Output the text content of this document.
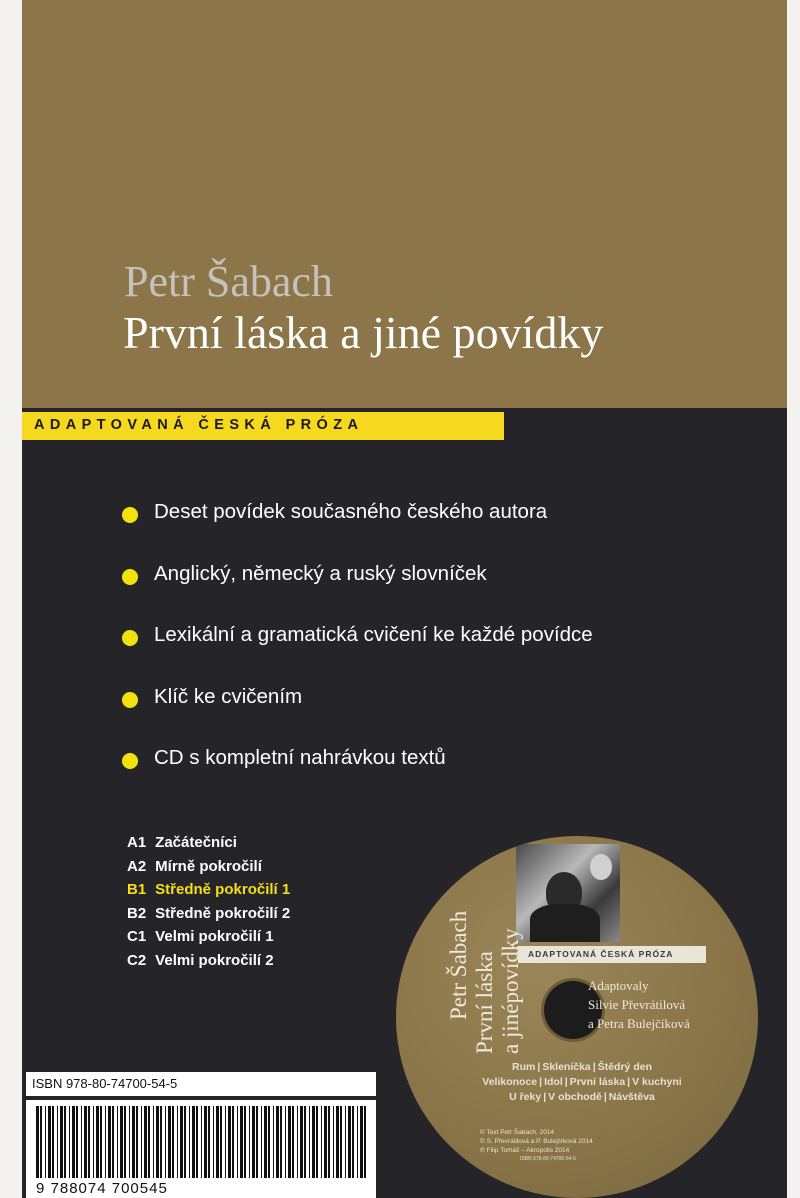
Petr Šabach
První láska a jiné povídky
ADAPTOVANÁ ČESKÁ PRÓZA
Deset povídek současného českého autora
Anglický, německý a ruský slovníček
Lexikální a gramatická cvičení ke každé povídce
Klíč ke cvičením
CD s kompletní nahrávkou textů
A1 Začátečníci
A2 Mírně pokročilí
B1 Středně pokročilí 1
B2 Středně pokročilí 2
C1 Velmi pokročilí 1
C2 Velmi pokročilí 2
ISBN 978-80-74700-54-5
9 788074 700545
ADAPTOVANÁ ČESKÁ PRÓZA
Petr Šabach První láska a jinépovídky	Adaptovaly
Silvie Převrátilová
a Petra Bulejčíková
Rum | Skleníčka | Štědrý den
Velikonoce | Idol | První láska | V kuchyni
U řeky | V obchodě | Návštěva
© Text Petr Šabach, 2014
© S. Převrátilová a P. Bulejčíková 2014
℗ Filip Tomáš – Akropolis 2014
ISBN 978-80-74700-54-5
